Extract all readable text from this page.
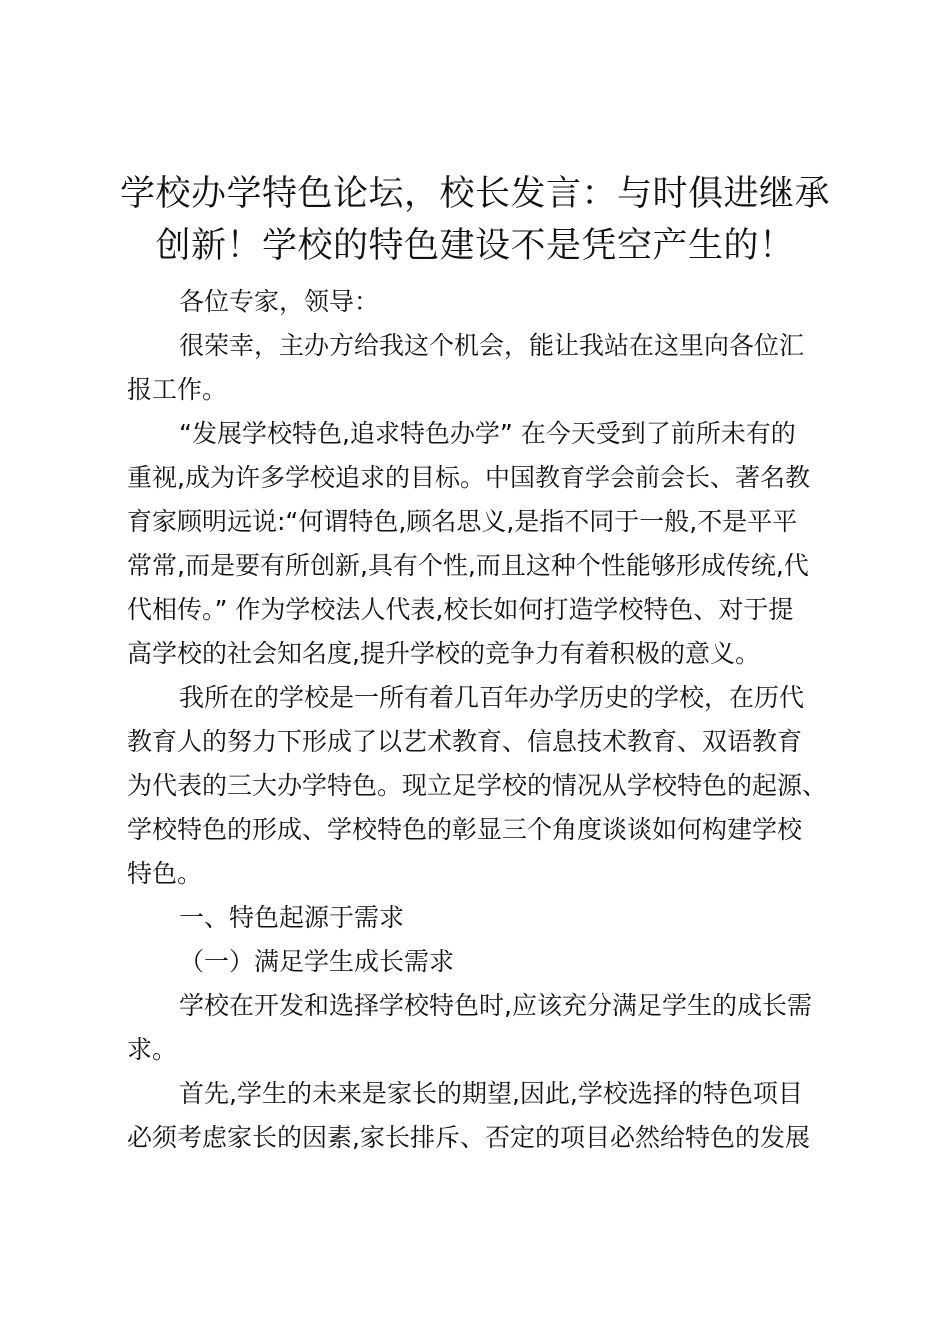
学校办学特色论坛，校长发言：与时俱进继承
创新！学校的特色建设不是凭空产生的！
各位专家，领导：
很荣幸，主办方给我这个机会，能让我站在这里向各位汇
报工作。
“发展学校特色,追求特色办学” 在今天受到了前所未有的
重视,成为许多学校追求的目标。中国教育学会前会长、著名教
育家顾明远说:“何谓特色,顾名思义,是指不同于一般,不是平平
常常,而是要有所创新,具有个性,而且这种个性能够形成传统,代
代相传。” 作为学校法人代表,校长如何打造学校特色、对于提
高学校的社会知名度,提升学校的竞争力有着积极的意义。
我所在的学校是一所有着几百年办学历史的学校，在历代
教育人的努力下形成了以艺术教育、信息技术教育、双语教育
为代表的三大办学特色。现立足学校的情况从学校特色的起源、
学校特色的形成、学校特色的彰显三个角度谈谈如何构建学校
特色。
一、特色起源于需求
（一）满足学生成长需求
学校在开发和选择学校特色时,应该充分满足学生的成长需
求。
首先,学生的未来是家长的期望,因此,学校选择的特色项目
必须考虑家长的因素,家长排斥、否定的项目必然给特色的发展
